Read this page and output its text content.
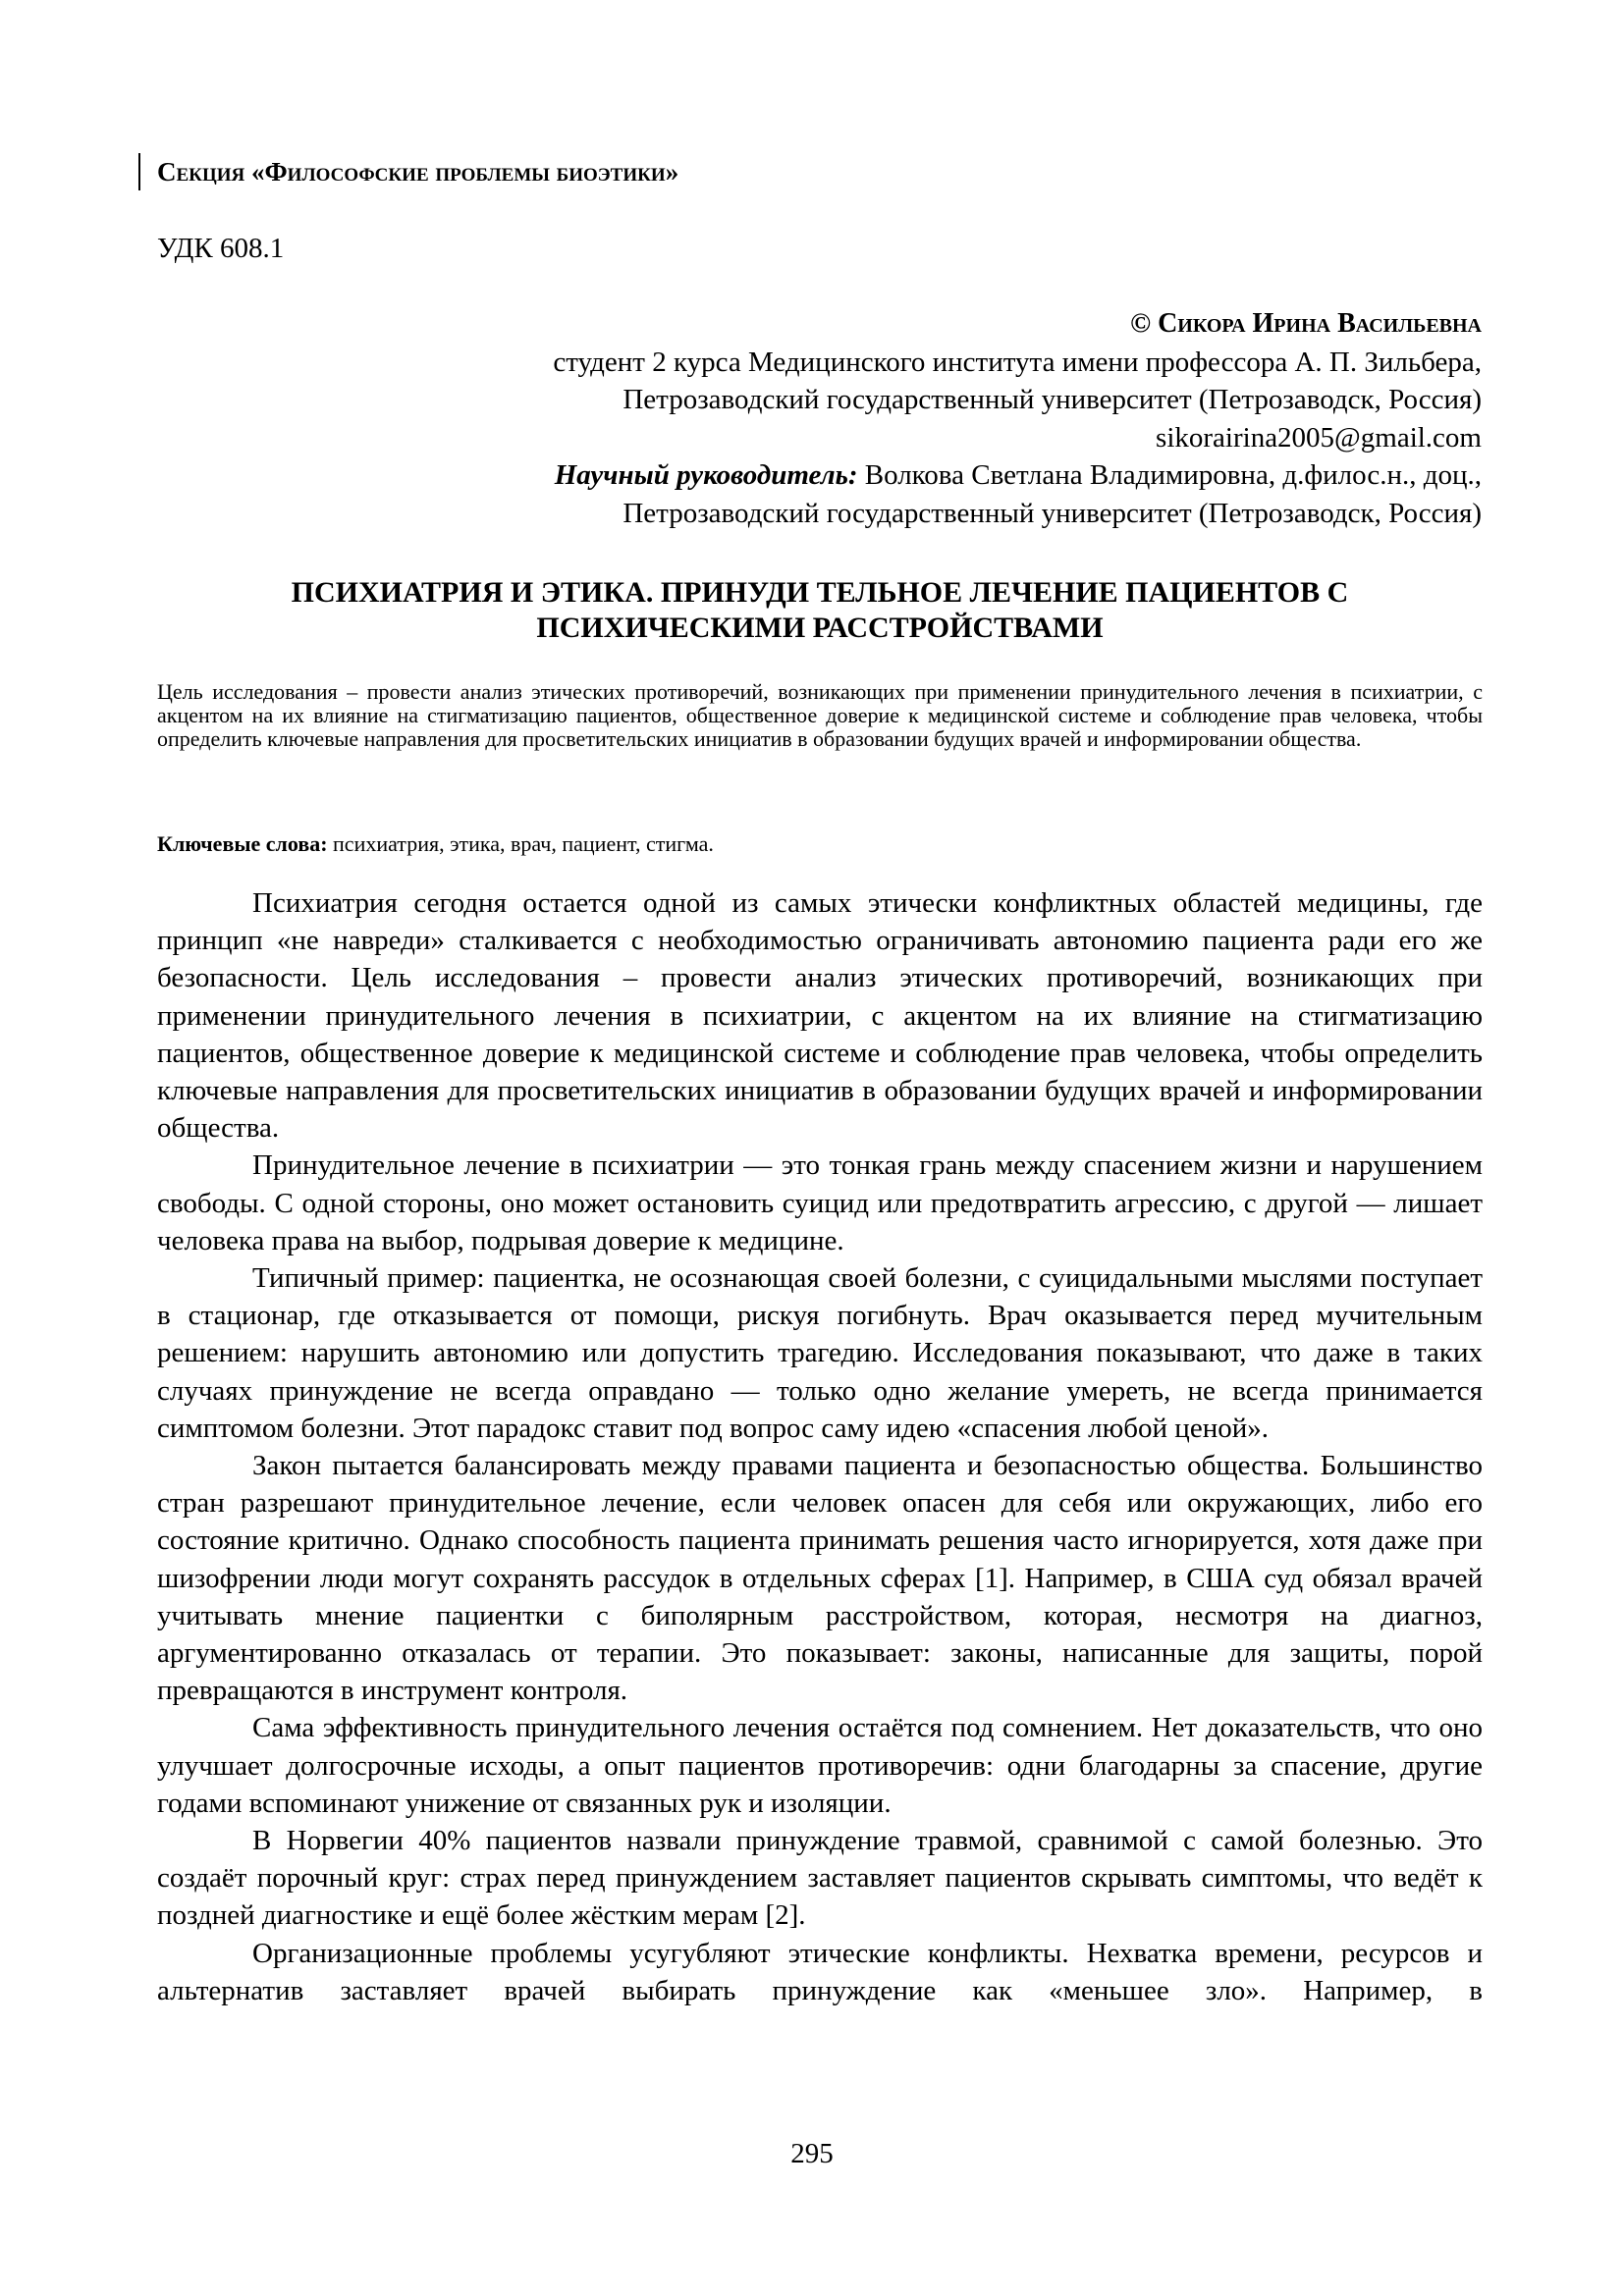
Секция «Философские проблемы биоэтики»
УДК 608.1
© Сикора Ирина Васильевна
студент 2 курса Медицинского института имени профессора А. П. Зильбера,
Петрозаводский государственный университет (Петрозаводск, Россия)
sikorairina2005@gmail.com
Научный руководитель: Волкова Светлана Владимировна, д.филос.н., доц.,
Петрозаводский государственный университет (Петрозаводск, Россия)
ПСИХИАТРИЯ И ЭТИКА. ПРИНУДИ ТЕЛЬНОЕ ЛЕЧЕНИЕ ПАЦИЕНТОВ С
ПСИХИЧЕСКИМИ РАССТРОЙСТВАМИ
Цель исследования – провести анализ этических противоречий, возникающих при применении принудительного лечения в психиатрии, с акцентом на их влияние на стигматизацию пациентов, общественное доверие к медицинской системе и соблюдение прав человека, чтобы определить ключевые направления для просветительских инициатив в образовании будущих врачей и информировании общества.
Ключевые слова: психиатрия, этика, врач, пациент, стигма.

Психиатрия сегодня остается одной из самых этически конфликтных областей медицины, где принцип «не навреди» сталкивается с необходимостью ограничивать автономию пациента ради его же безопасности. Цель исследования – провести анализ этических противоречий, возникающих при применении принудительного лечения в психиатрии, с акцентом на их влияние на стигматизацию пациентов, общественное доверие к медицинской системе и соблюдение прав человека, чтобы определить ключевые направления для просветительских инициатив в образовании будущих врачей и информировании общества.

Принудительное лечение в психиатрии — это тонкая грань между спасением жизни и нарушением свободы. С одной стороны, оно может остановить суицид или предотвратить агрессию, с другой — лишает человека права на выбор, подрывая доверие к медицине.

Типичный пример: пациентка, не осознающая своей болезни, с суицидальными мыслями поступает в стационар, где отказывается от помощи, рискуя погибнуть. Врач оказывается перед мучительным решением: нарушить автономию или допустить трагедию. Исследования показывают, что даже в таких случаях принуждение не всегда оправдано — только одно желание умереть, не всегда принимается симптомом болезни. Этот парадокс ставит под вопрос саму идею «спасения любой ценой».

Закон пытается балансировать между правами пациента и безопасностью общества. Большинство стран разрешают принудительное лечение, если человек опасен для себя или окружающих, либо его состояние критично. Однако способность пациента принимать решения часто игнорируется, хотя даже при шизофрении люди могут сохранять рассудок в отдельных сферах [1]. Например, в США суд обязал врачей учитывать мнение пациентки с биполярным расстройством, которая, несмотря на диагноз, аргументированно отказалась от терапии. Это показывает: законы, написанные для защиты, порой превращаются в инструмент контроля.

Сама эффективность принудительного лечения остаётся под сомнением. Нет доказательств, что оно улучшает долгосрочные исходы, а опыт пациентов противоречив: одни благодарны за спасение, другие годами вспоминают унижение от связанных рук и изоляции.

В Норвегии 40% пациентов назвали принуждение травмой, сравнимой с самой болезнью. Это создаёт порочный круг: страх перед принуждением заставляет пациентов скрывать симптомы, что ведёт к поздней диагностике и ещё более жёстким мерам [2].

Организационные проблемы усугубляют этические конфликты. Нехватка времени, ресурсов и альтернатив заставляет врачей выбирать принуждение как «меньшее зло». Например, в

295
